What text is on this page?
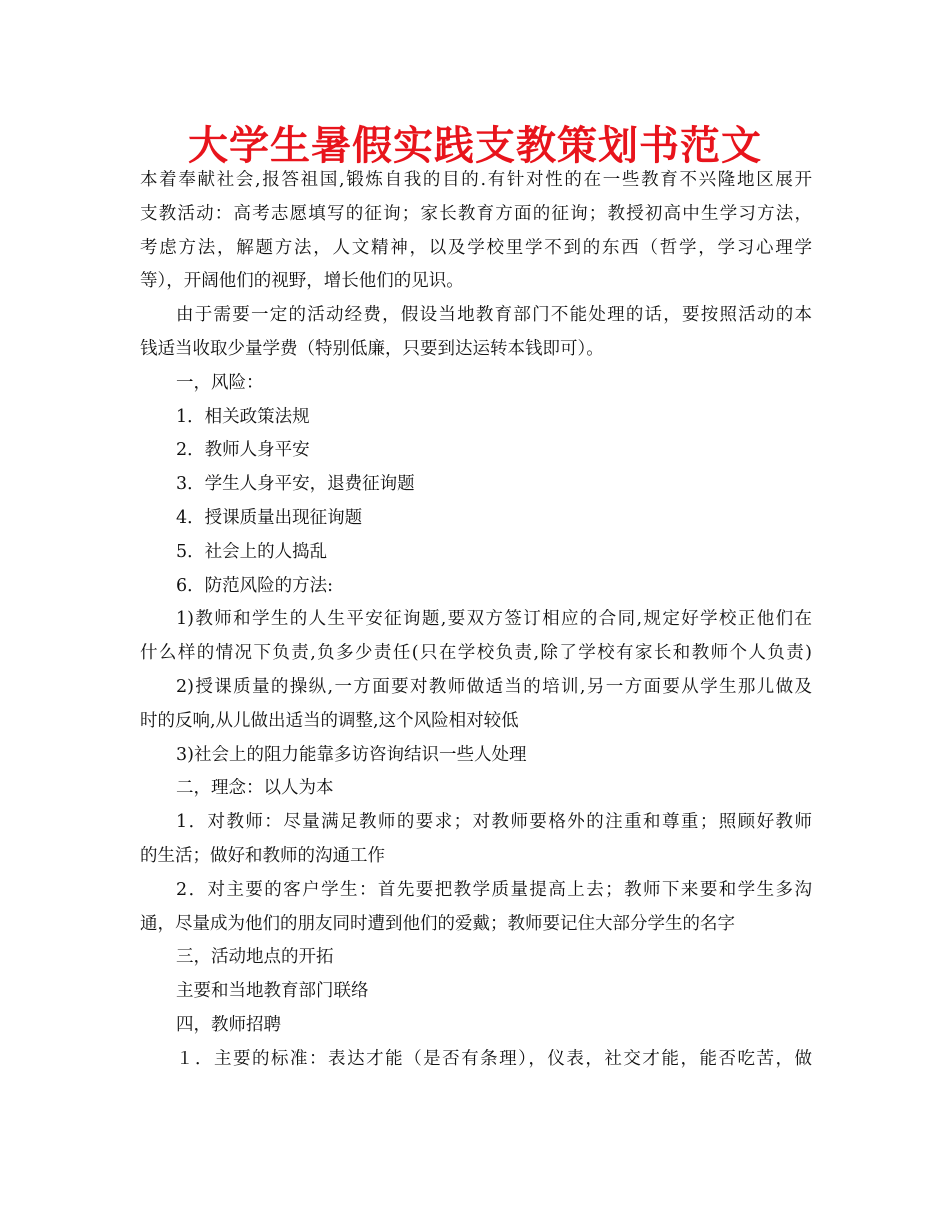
大学生暑假实践支教策划书范文
本着奉献社会,报答祖国,锻炼自我的目的.有针对性的在一些教育不兴隆地区展开
支教活动：高考志愿填写的征询；家长教育方面的征询；教授初高中生学习方法，
考虑方法，解题方法，人文精神，以及学校里学不到的东西（哲学，学习心理学
等），开阔他们的视野，增长他们的见识。
由于需要一定的活动经费，假设当地教育部门不能处理的话，要按照活动的本
钱适当收取少量学费（特别低廉，只要到达运转本钱即可）。
一，风险：
1．相关政策法规
2．教师人身平安
3．学生人身平安，退费征询题
4．授课质量出现征询题
5．社会上的人捣乱
6．防范风险的方法:
1)教师和学生的人生平安征询题,要双方签订相应的合同,规定好学校正他们在
什么样的情况下负责,负多少责任(只在学校负责,除了学校有家长和教师个人负责)
2)授课质量的操纵,一方面要对教师做适当的培训,另一方面要从学生那儿做及
时的反响,从儿做出适当的调整,这个风险相对较低
3)社会上的阻力能靠多访咨询结识一些人处理
二，理念：以人为本
1．对教师：尽量满足教师的要求；对教师要格外的注重和尊重；照顾好教师
的生活；做好和教师的沟通工作
2．对主要的客户学生：首先要把教学质量提高上去；教师下来要和学生多沟
通，尽量成为他们的朋友同时遭到他们的爱戴；教师要记住大部分学生的名字
三，活动地点的开拓
主要和当地教育部门联络
四，教师招聘
１．主要的标准：表达才能（是否有条理），仪表，社交才能，能否吃苦，做
